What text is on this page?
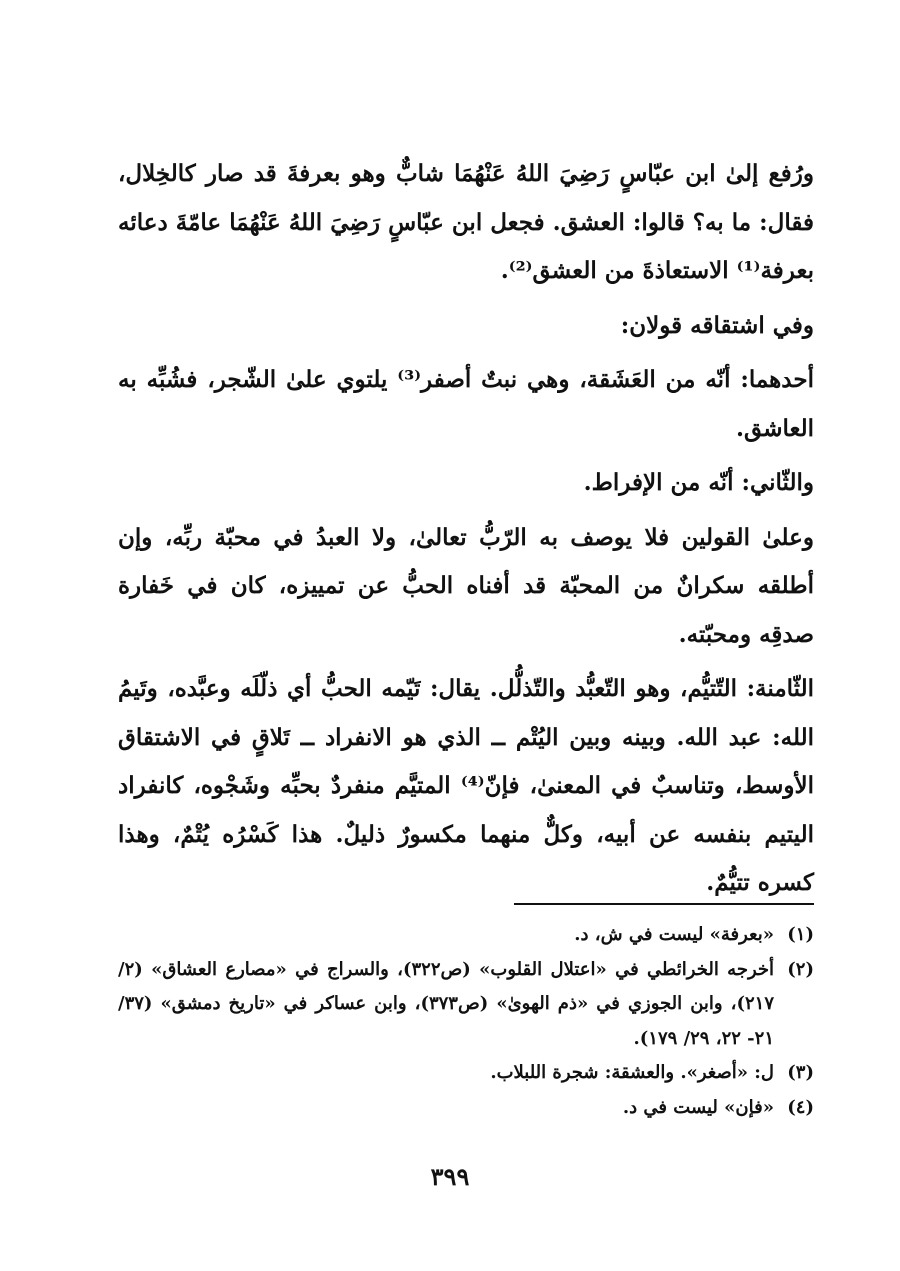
ورُفع إلىٰ ابن عبّاسٍ رَضِيَ اللهُ عَنْهُمَا شابٌّ وهو بعرفةَ قد صار كالخِلال، فقال: ما به؟ قالوا: العشق. فجعل ابن عبّاسٍ رَضِيَ اللهُ عَنْهُمَا عامّةَ دعائه بعرفة⁽¹⁾ الاستعاذةَ من العشق⁽²⁾.

وفي اشتقاقه قولان:

أحدهما: أنّه من العَشَقة، وهي نبتٌ أصفر⁽³⁾ يلتوي علىٰ الشّجر، فشُبِّه به العاشق.

والثّاني: أنّه من الإفراط.

وعلىٰ القولين فلا يوصف به الرّبُّ تعالىٰ، ولا العبدُ في محبّة ربِّه، وإن أطلقه سكرانٌ من المحبّة قد أفناه الحبُّ عن تمييزه، كان في خَفارة صدقِه ومحبّته.

الثّامنة: التّتيُّم، وهو التّعبُّد والتّذلُّل. يقال: تَيّمه الحبُّ أي ذلّلَه وعبَّده، وتَيمُ الله: عبد الله. وبينه وبين اليُتْم ــ الذي هو الانفراد ــ تَلاقٍ في الاشتقاق الأوسط، وتناسبٌ في المعنىٰ، فإنّ⁽⁴⁾ المتيَّم منفردٌ بحبِّه وشَجْوه، كانفراد اليتيم بنفسه عن أبيه، وكلٌّ منهما مكسورٌ ذليلٌ. هذا كَسْرُه يُتْمٌ، وهذا كسره تتيُّمٌ.

(١)
«بعرفة» ليست في ش، د.
(٢)
أخرجه الخرائطي في «اعتلال القلوب» (ص٣٢٢)، والسراج في «مصارع العشاق» (٢/ ٢١٧)، وابن الجوزي في «ذم الهوىٰ» (ص٣٧٣)، وابن عساكر في «تاريخ دمشق» (٣٧/ ٢١- ٢٢، ٢٩/ ١٧٩).
(٣)
ل: «أصغر». والعشقة: شجرة اللبلاب.
(٤)
«فإن» ليست في د.
٣٩٩
